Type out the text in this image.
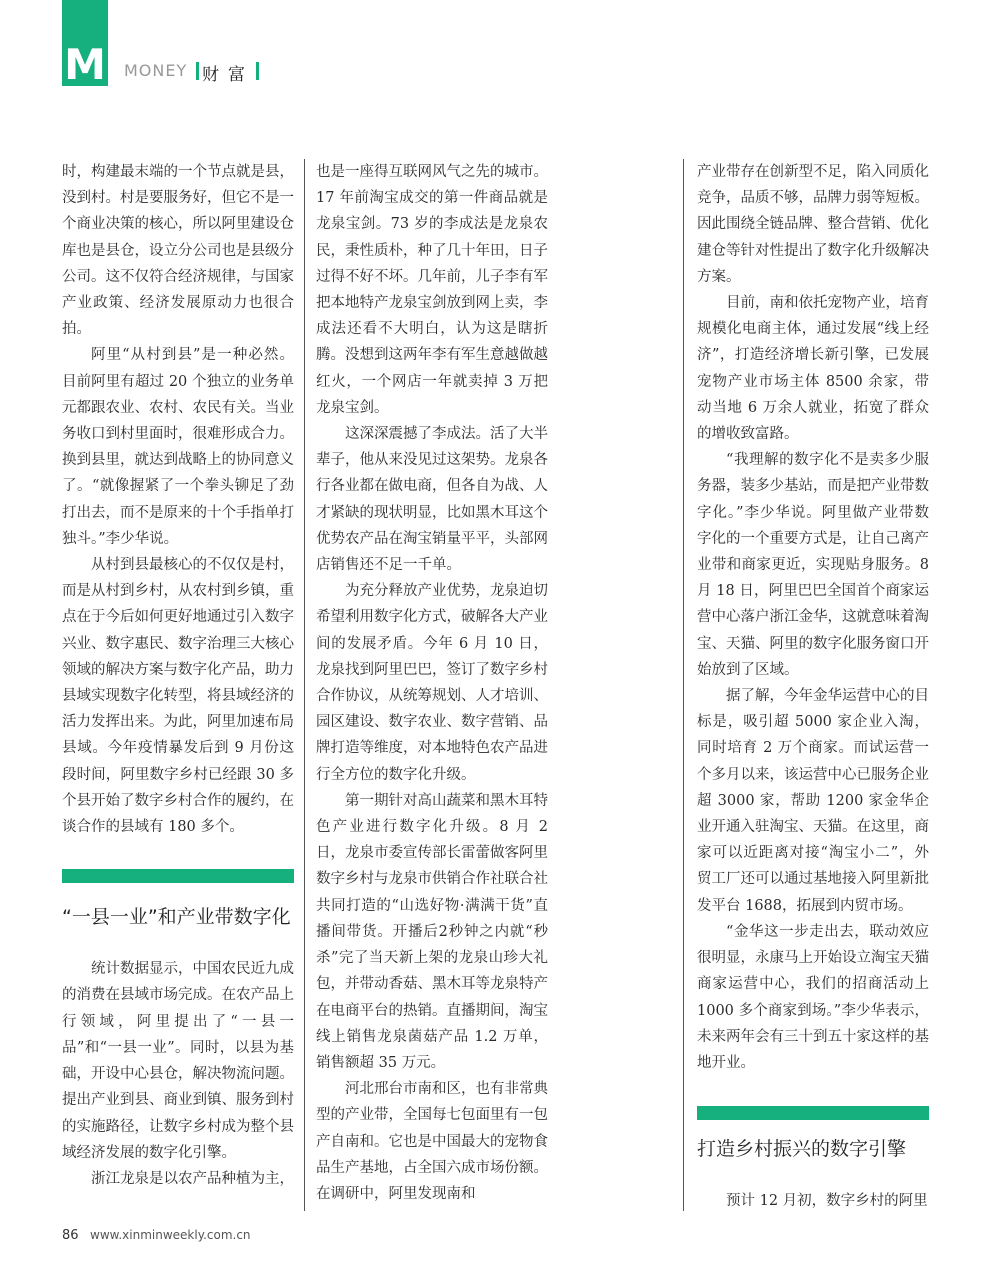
M MONEY 财富

时，构建最末端的一个节点就是县，没到村。村是要服务好，但它不是一个商业决策的核心，所以阿里建设仓库也是县仓，设立分公司也是县级分公司。这不仅符合经济规律，与国家产业政策、经济发展原动力也很合拍。

阿里“从村到县”是一种必然。目前阿里有超过 20 个独立的业务单元都跟农业、农村、农民有关。当业务收口到村里面时，很难形成合力。换到县里，就达到战略上的协同意义了。“就像握紧了一个拳头铆足了劲打出去，而不是原来的十个手指单打独斗。”李少华说。

从村到县最核心的不仅仅是村，而是从村到乡村，从农村到乡镇，重点在于今后如何更好地通过引入数字兴业、数字惠民、数字治理三大核心领域的解决方案与数字化产品，助力县域实现数字化转型，将县域经济的活力发挥出来。为此，阿里加速布局县域。今年疫情暴发后到 9 月份这段时间，阿里数字乡村已经跟 30 多个县开始了数字乡村合作的履约，在谈合作的县域有 180 多个。

“一县一业”和产业带数字化

统计数据显示，中国农民近九成的消费在县域市场完成。在农产品上行领域，阿里提出了“一县一品”和“一县一业”。同时，以县为基础，开设中心县仓，解决物流问题。提出产业到县、商业到镇、服务到村的实施路径，让数字乡村成为整个县域经济发展的数字化引擎。

浙江龙泉是以农产品种植为主，

也是一座得互联网风气之先的城市。17 年前淘宝成交的第一件商品就是龙泉宝剑。73 岁的李成法是龙泉农民，秉性质朴，种了几十年田，日子过得不好不坏。几年前，儿子李有军把本地特产龙泉宝剑放到网上卖，李成法还看不大明白，认为这是瞎折腾。没想到这两年李有军生意越做越红火，一个网店一年就卖掉 3 万把龙泉宝剑。

这深深震撼了李成法。活了大半辈子，他从来没见过这架势。龙泉各行各业都在做电商，但各自为战、人才紧缺的现状明显，比如黑木耳这个优势农产品在淘宝销量平平，头部网店销售还不足一千单。

为充分释放产业优势，龙泉迫切希望利用数字化方式，破解各大产业间的发展矛盾。今年 6 月 10 日，龙泉找到阿里巴巴，签订了数字乡村合作协议，从统筹规划、人才培训、园区建设、数字农业、数字营销、品牌打造等维度，对本地特色农产品进行全方位的数字化升级。

第一期针对高山蔬菜和黑木耳特色产业进行数字化升级。8 月 2 日，龙泉市委宣传部长雷蕾做客阿里数字乡村与龙泉市供销合作社联合社共同打造的“山选好物·满满干货”直播间带货。开播后2秒钟之内就“秒杀”完了当天新上架的龙泉山珍大礼包，并带动香菇、黑木耳等龙泉特产在电商平台的热销。直播期间，淘宝线上销售龙泉菌菇产品 1.2 万单，销售额超 35 万元。

河北邢台市南和区，也有非常典型的产业带，全国每七包面里有一包产自南和。它也是中国最大的宠物食品生产基地，占全国六成市场份额。在调研中，阿里发现南和

产业带存在创新型不足，陷入同质化竞争，品质不够，品牌力弱等短板。因此围绕全链品牌、整合营销、优化建仓等针对性提出了数字化升级解决方案。

目前，南和依托宠物产业，培育规模化电商主体，通过发展“线上经济”，打造经济增长新引擎，已发展宠物产业市场主体 8500 余家，带动当地 6 万余人就业，拓宽了群众的增收致富路。

“我理解的数字化不是卖多少服务器，装多少基站，而是把产业带数字化。”李少华说。阿里做产业带数字化的一个重要方式是，让自己离产业带和商家更近，实现贴身服务。8 月 18 日，阿里巴巴全国首个商家运营中心落户浙江金华，这就意味着淘宝、天猫、阿里的数字化服务窗口开始放到了区域。

据了解，今年金华运营中心的目标是，吸引超 5000 家企业入淘，同时培育 2 万个商家。而试运营一个多月以来，该运营中心已服务企业超 3000 家，帮助 1200 家金华企业开通入驻淘宝、天猫。在这里，商家可以近距离对接“淘宝小二”，外贸工厂还可以通过基地接入阿里新批发平台 1688，拓展到内贸市场。

“金华这一步走出去，联动效应很明显，永康马上开始设立淘宝天猫商家运营中心，我们的招商活动上 1000 多个商家到场。”李少华表示，未来两年会有三十到五十家这样的基地开业。

打造乡村振兴的数字引擎

预计 12 月初，数字乡村的阿里

86 www.xinminweekly.com.cn
